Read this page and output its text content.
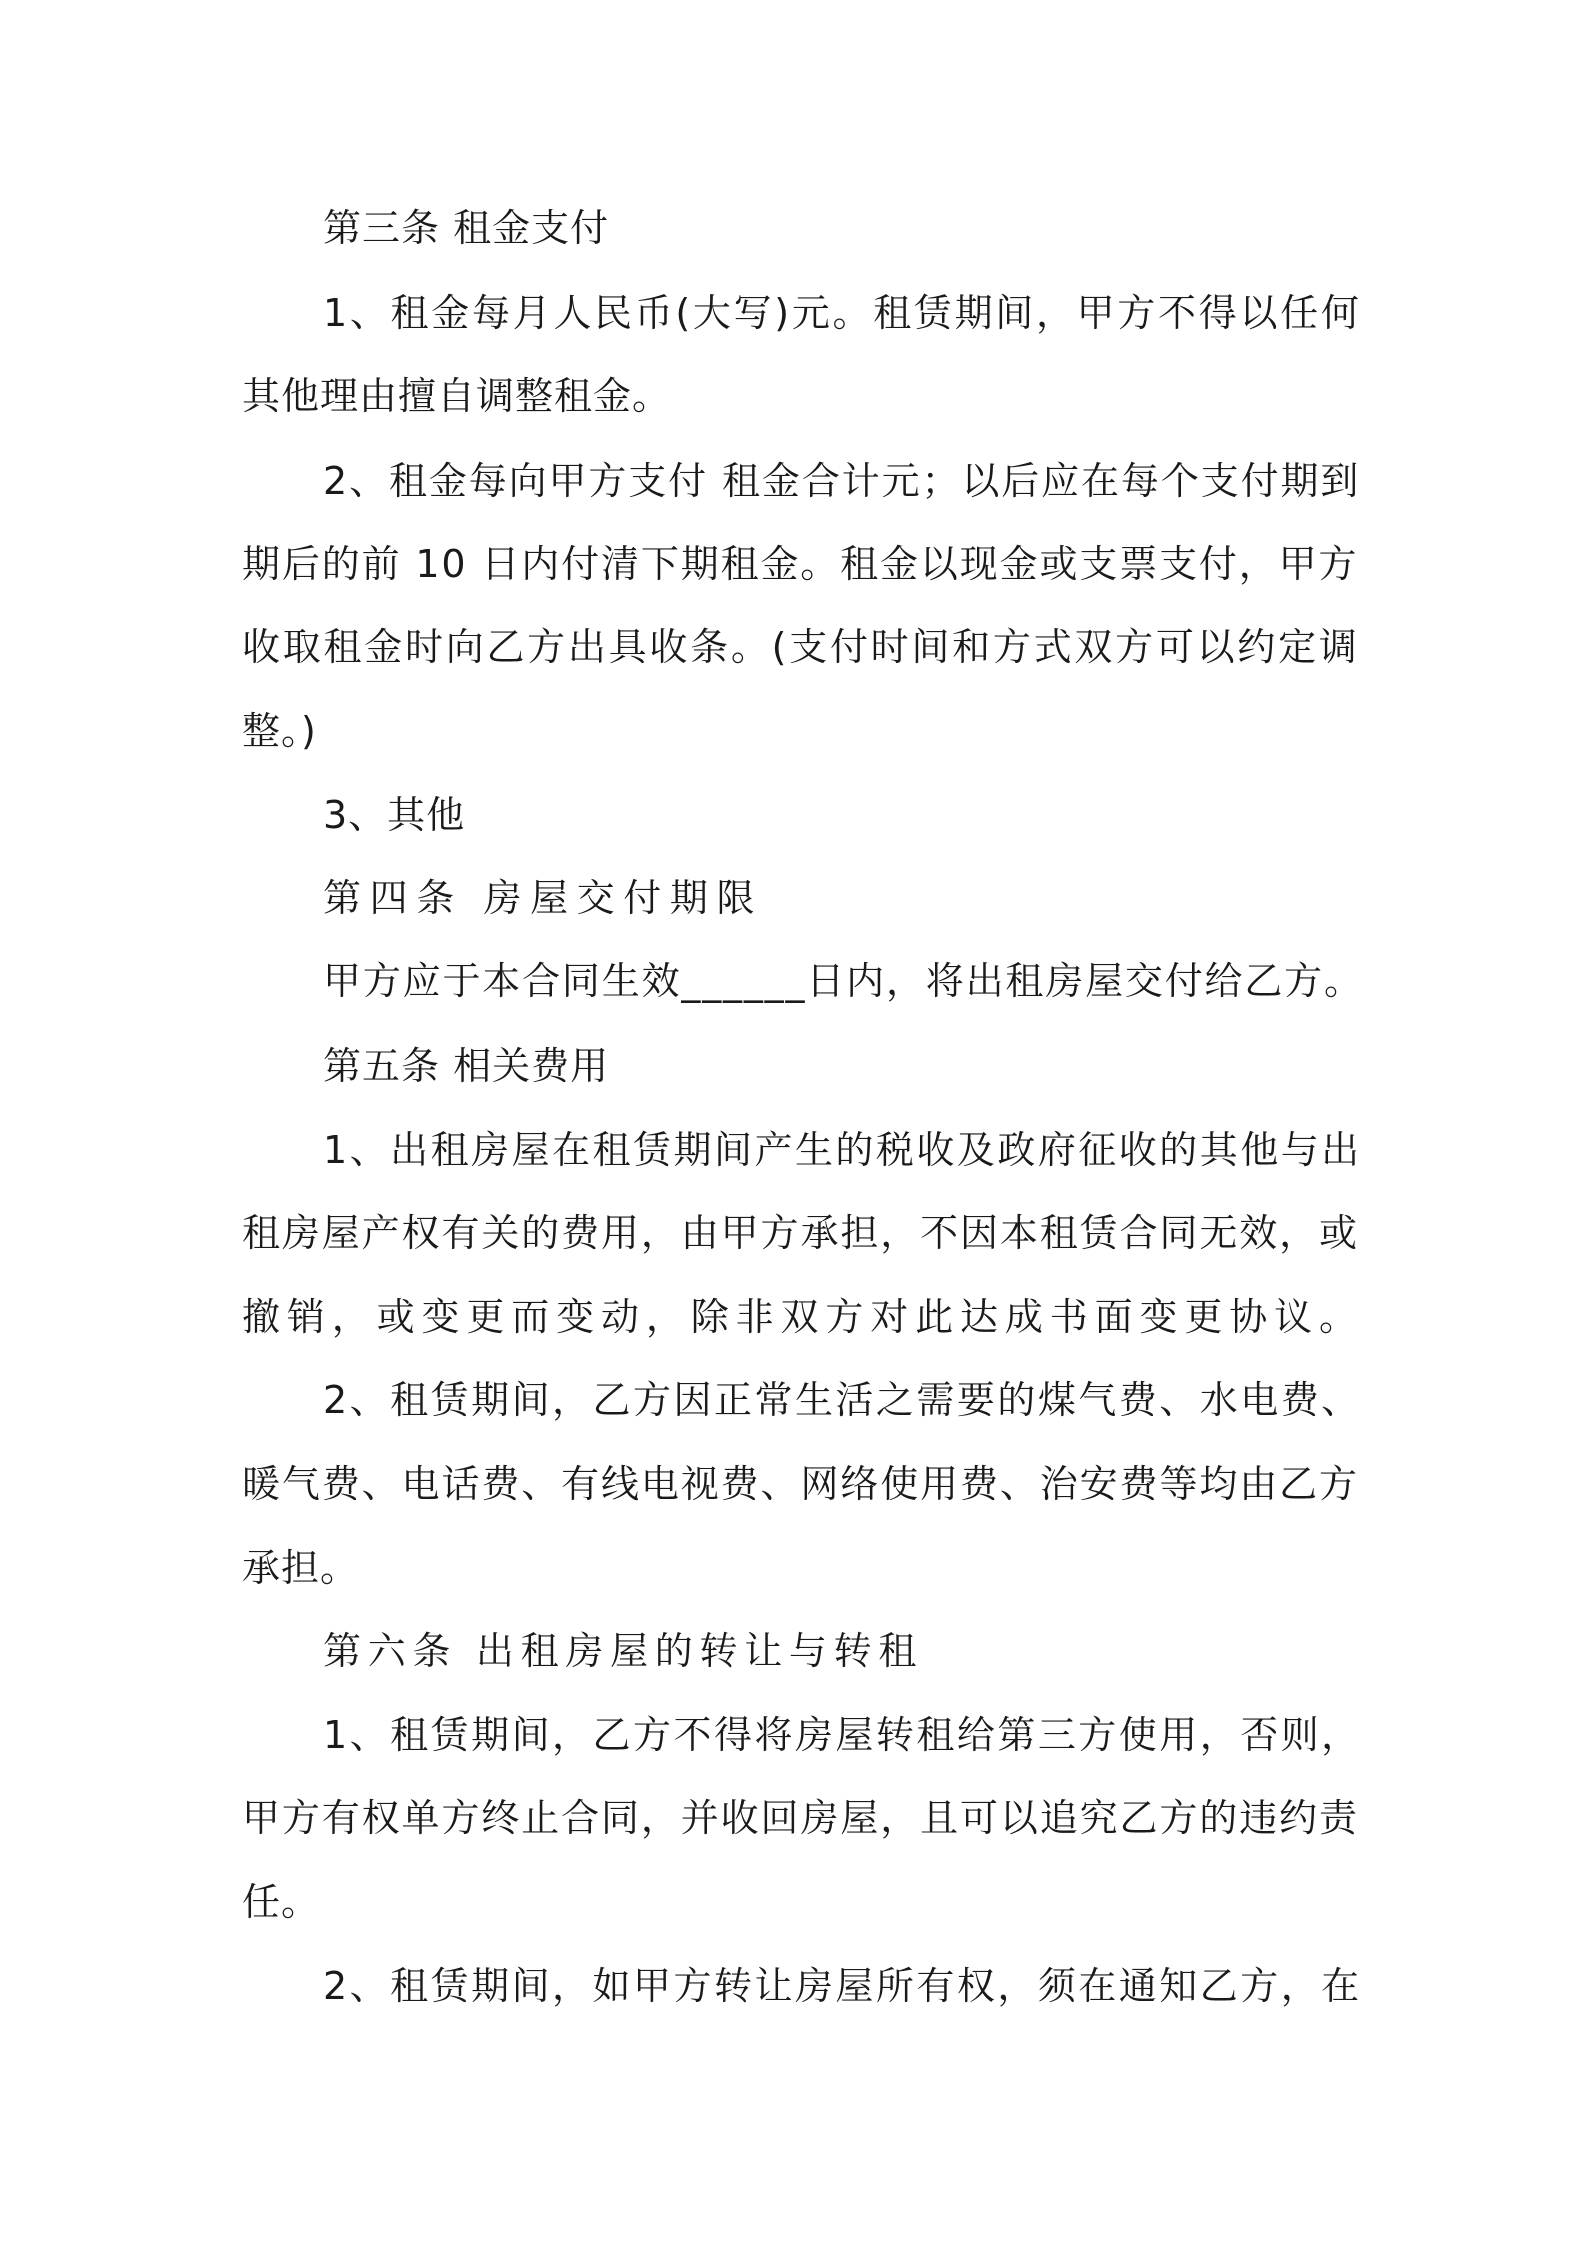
第三条 租金支付
1、租金每月人民币(大写)元。租赁期间，甲方不得以任何
其他理由擅自调整租金。
2、租金每向甲方支付 租金合计元；以后应在每个支付期到
期后的前 10 日内付清下期租金。租金以现金或支票支付，甲方
收取租金时向乙方出具收条。(支付时间和方式双方可以约定调
整。)
3、其他
第四条 房屋交付期限
甲方应于本合同生效______日内，将出租房屋交付给乙方。
第五条 相关费用
1、出租房屋在租赁期间产生的税收及政府征收的其他与出
租房屋产权有关的费用，由甲方承担，不因本租赁合同无效，或
撤销，或变更而变动，除非双方对此达成书面变更协议。
2、租赁期间，乙方因正常生活之需要的煤气费、水电费、
暖气费、电话费、有线电视费、网络使用费、治安费等均由乙方
承担。
第六条 出租房屋的转让与转租
1、租赁期间，乙方不得将房屋转租给第三方使用，否则，
甲方有权单方终止合同，并收回房屋，且可以追究乙方的违约责
任。
2、租赁期间，如甲方转让房屋所有权，须在通知乙方，在
